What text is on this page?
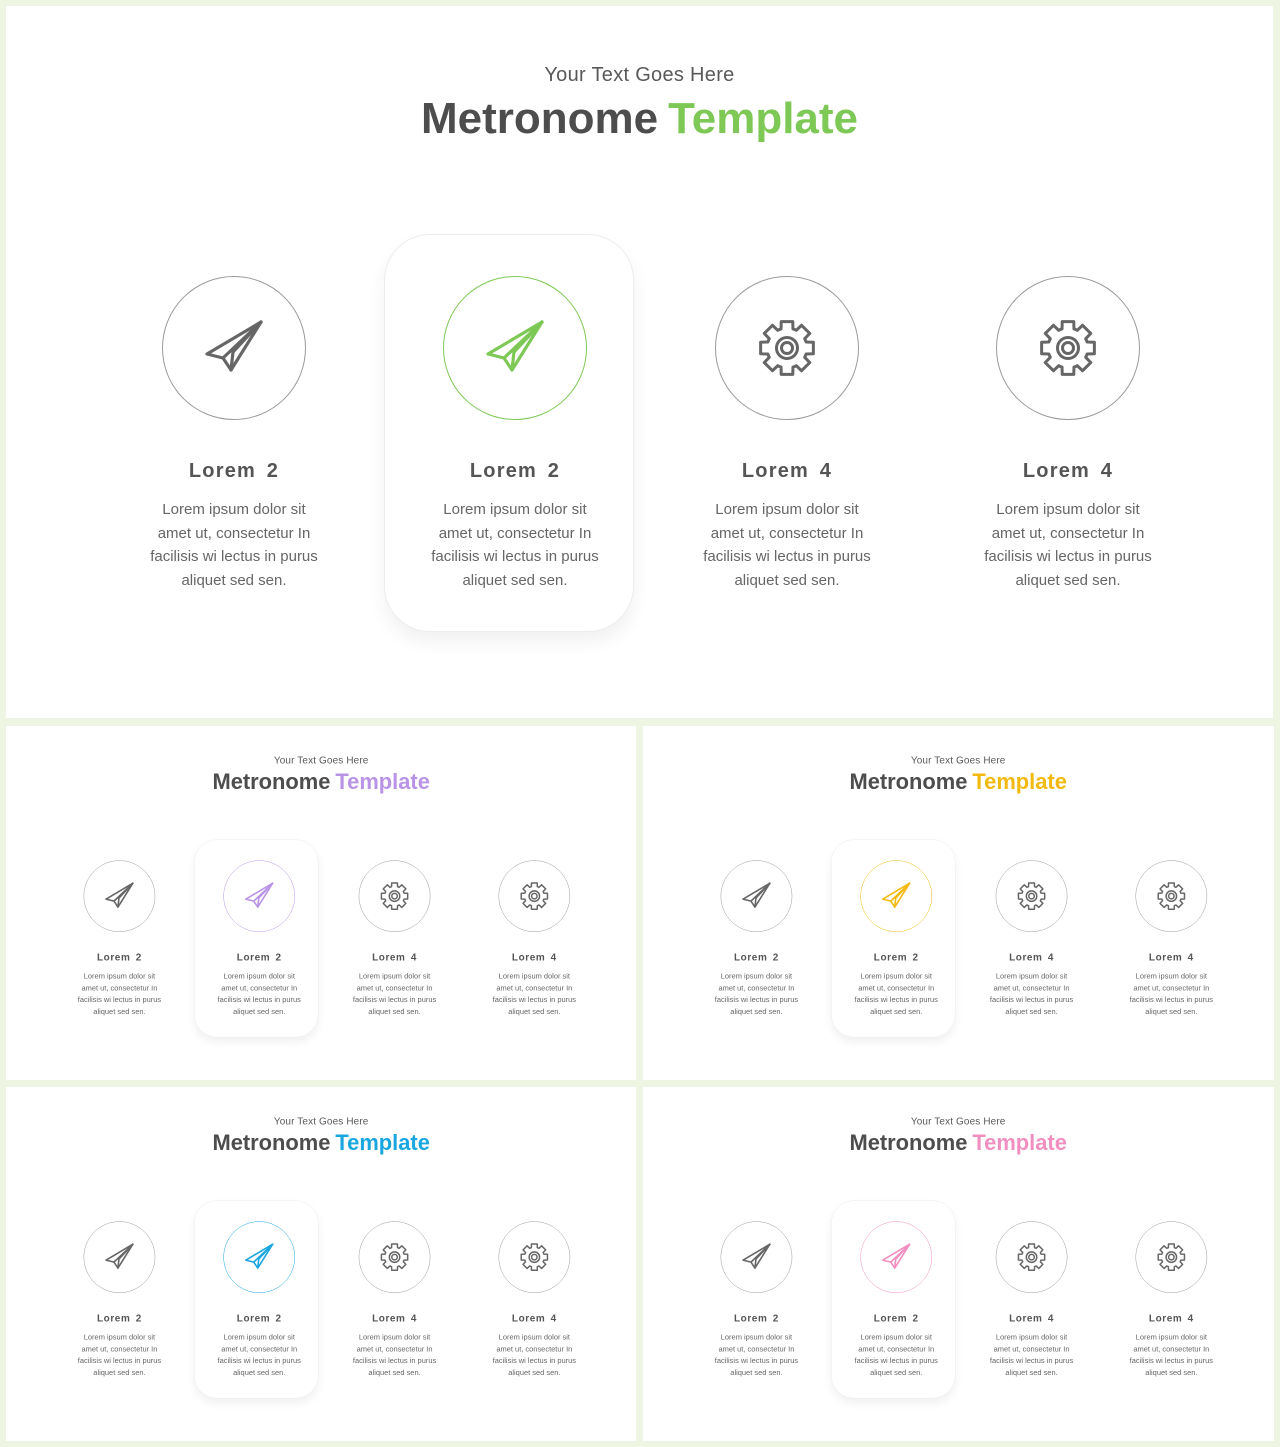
Your Text Goes Here
Metronome Template
Lorem 2
Lorem ipsum dolor sit
amet ut, consectetur In
facilisis wi lectus in purus
aliquet sed sen.
Lorem 2
Lorem ipsum dolor sit
amet ut, consectetur In
facilisis wi lectus in purus
aliquet sed sen.
Lorem 4
Lorem ipsum dolor sit
amet ut, consectetur In
facilisis wi lectus in purus
aliquet sed sen.
Lorem 4
Lorem ipsum dolor sit
amet ut, consectetur In
facilisis wi lectus in purus
aliquet sed sen.
Your Text Goes Here
Metronome Template
Lorem 2
Lorem ipsum dolor sit
amet ut, consectetur In
facilisis wi lectus in purus
aliquet sed sen.
Lorem 2
Lorem ipsum dolor sit
amet ut, consectetur In
facilisis wi lectus in purus
aliquet sed sen.
Lorem 4
Lorem ipsum dolor sit
amet ut, consectetur In
facilisis wi lectus in purus
aliquet sed sen.
Lorem 4
Lorem ipsum dolor sit
amet ut, consectetur In
facilisis wi lectus in purus
aliquet sed sen.
Your Text Goes Here
Metronome Template
Lorem 2
Lorem ipsum dolor sit
amet ut, consectetur In
facilisis wi lectus in purus
aliquet sed sen.
Lorem 2
Lorem ipsum dolor sit
amet ut, consectetur In
facilisis wi lectus in purus
aliquet sed sen.
Lorem 4
Lorem ipsum dolor sit
amet ut, consectetur In
facilisis wi lectus in purus
aliquet sed sen.
Lorem 4
Lorem ipsum dolor sit
amet ut, consectetur In
facilisis wi lectus in purus
aliquet sed sen.
Your Text Goes Here
Metronome Template
Lorem 2
Lorem ipsum dolor sit
amet ut, consectetur In
facilisis wi lectus in purus
aliquet sed sen.
Lorem 2
Lorem ipsum dolor sit
amet ut, consectetur In
facilisis wi lectus in purus
aliquet sed sen.
Lorem 4
Lorem ipsum dolor sit
amet ut, consectetur In
facilisis wi lectus in purus
aliquet sed sen.
Lorem 4
Lorem ipsum dolor sit
amet ut, consectetur In
facilisis wi lectus in purus
aliquet sed sen.
Your Text Goes Here
Metronome Template
Lorem 2
Lorem ipsum dolor sit
amet ut, consectetur In
facilisis wi lectus in purus
aliquet sed sen.
Lorem 2
Lorem ipsum dolor sit
amet ut, consectetur In
facilisis wi lectus in purus
aliquet sed sen.
Lorem 4
Lorem ipsum dolor sit
amet ut, consectetur In
facilisis wi lectus in purus
aliquet sed sen.
Lorem 4
Lorem ipsum dolor sit
amet ut, consectetur In
facilisis wi lectus in purus
aliquet sed sen.
